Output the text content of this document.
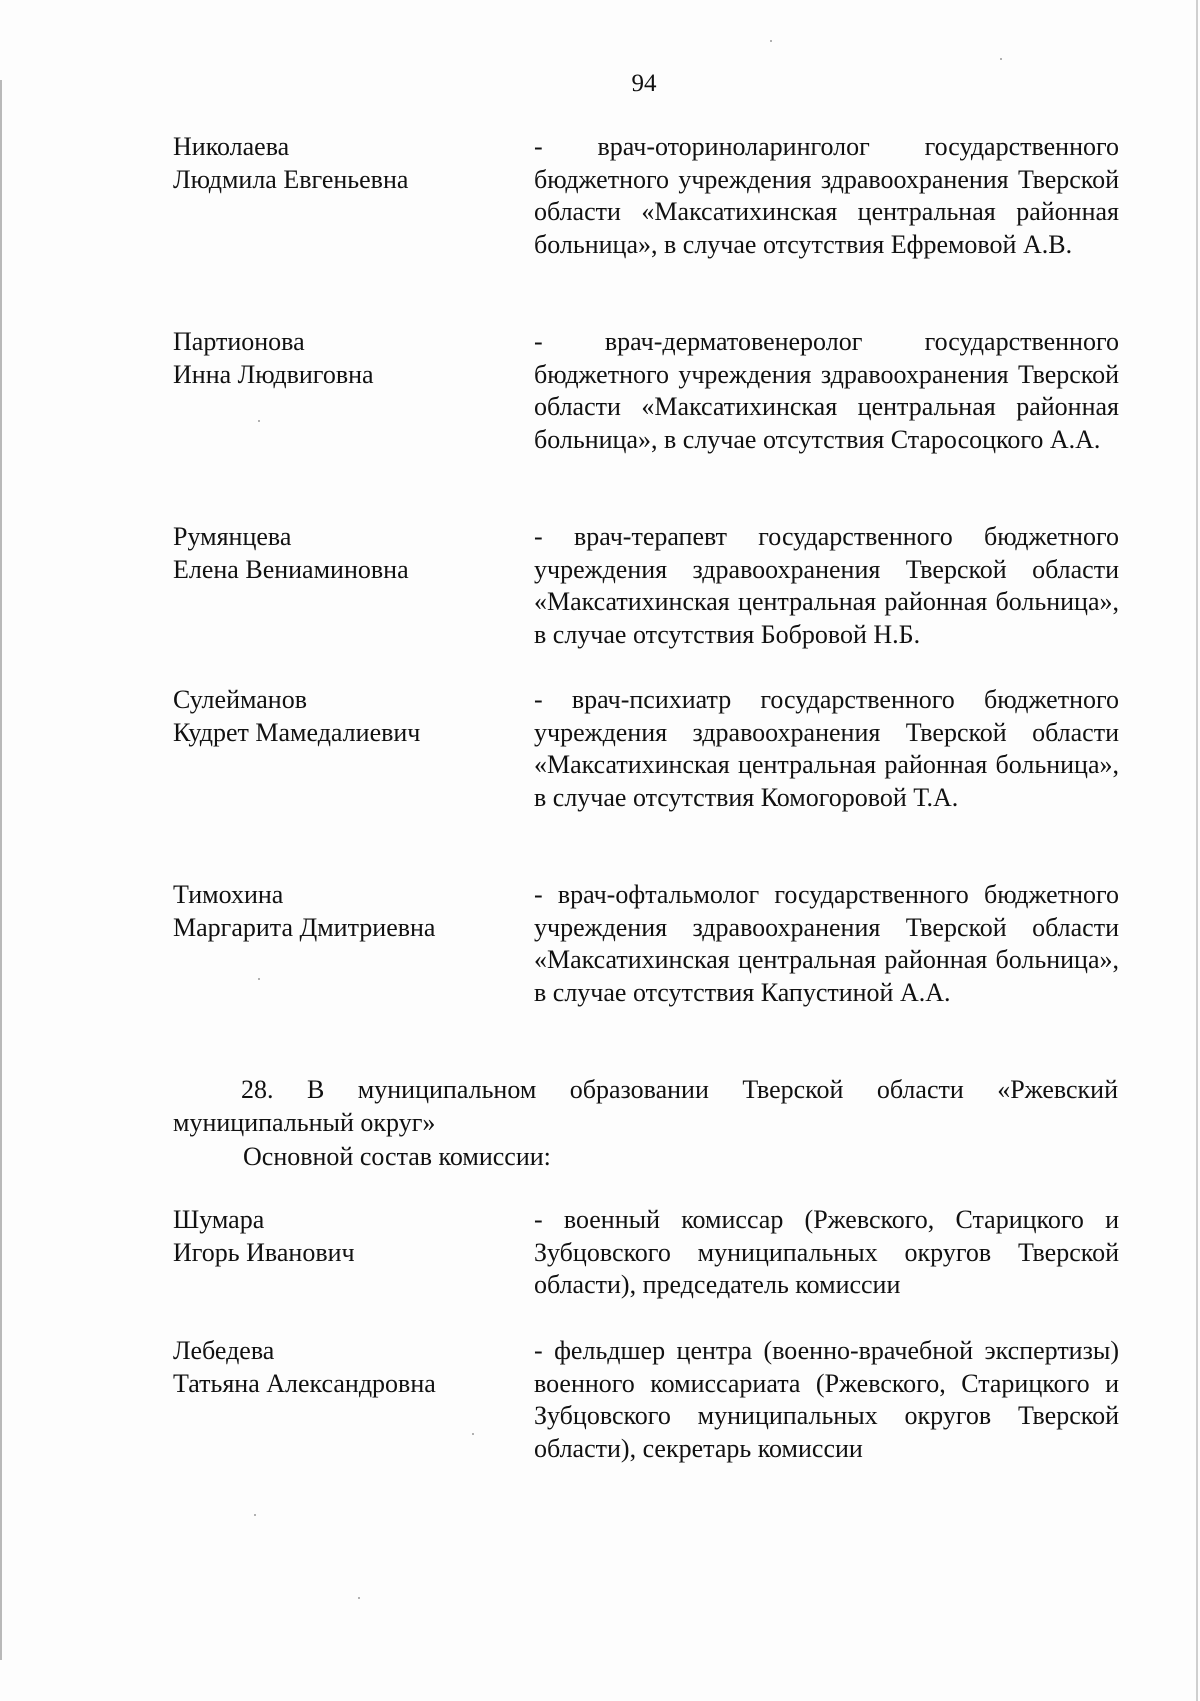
94
Николаева
Людмила Евгеньевна
- врач-оториноларинголог государственного бюджетного учреждения здравоохранения Тверской области «Максатихинская центральная районная больница», в случае отсутствия Ефремовой А.В.
Партионова
Инна Людвиговна
- врач-дерматовенеролог государственного бюджетного учреждения здравоохранения Тверской области «Максатихинская центральная районная больница», в случае отсутствия Старосоцкого А.А.
Румянцева
Елена Вениаминовна
- врач-терапевт государственного бюджетного учреждения здравоохранения Тверской области «Максатихинская центральная районная больница», в случае отсутствия Бобровой Н.Б.
Сулейманов
Кудрет Мамедалиевич
- врач-психиатр государственного бюджетного учреждения здравоохранения Тверской области «Максатихинская центральная районная больница», в случае отсутствия Комогоровой Т.А.
Тимохина
Маргарита Дмитриевна
- врач-офтальмолог государственного бюджетного учреждения здравоохранения Тверской области «Максатихинская центральная районная больница», в случае отсутствия Капустиной А.А.
28. В муниципальном образовании Тверской области «Ржевский муниципальный округ»
Основной состав комиссии:
Шумара
Игорь Иванович
- военный комиссар (Ржевского, Старицкого и Зубцовского муниципальных округов Тверской области), председатель комиссии
Лебедева
Татьяна Александровна
- фельдшер центра (военно-врачебной экспертизы) военного комиссариата (Ржевского, Старицкого и Зубцовского муниципальных округов Тверской области), секретарь комиссии
